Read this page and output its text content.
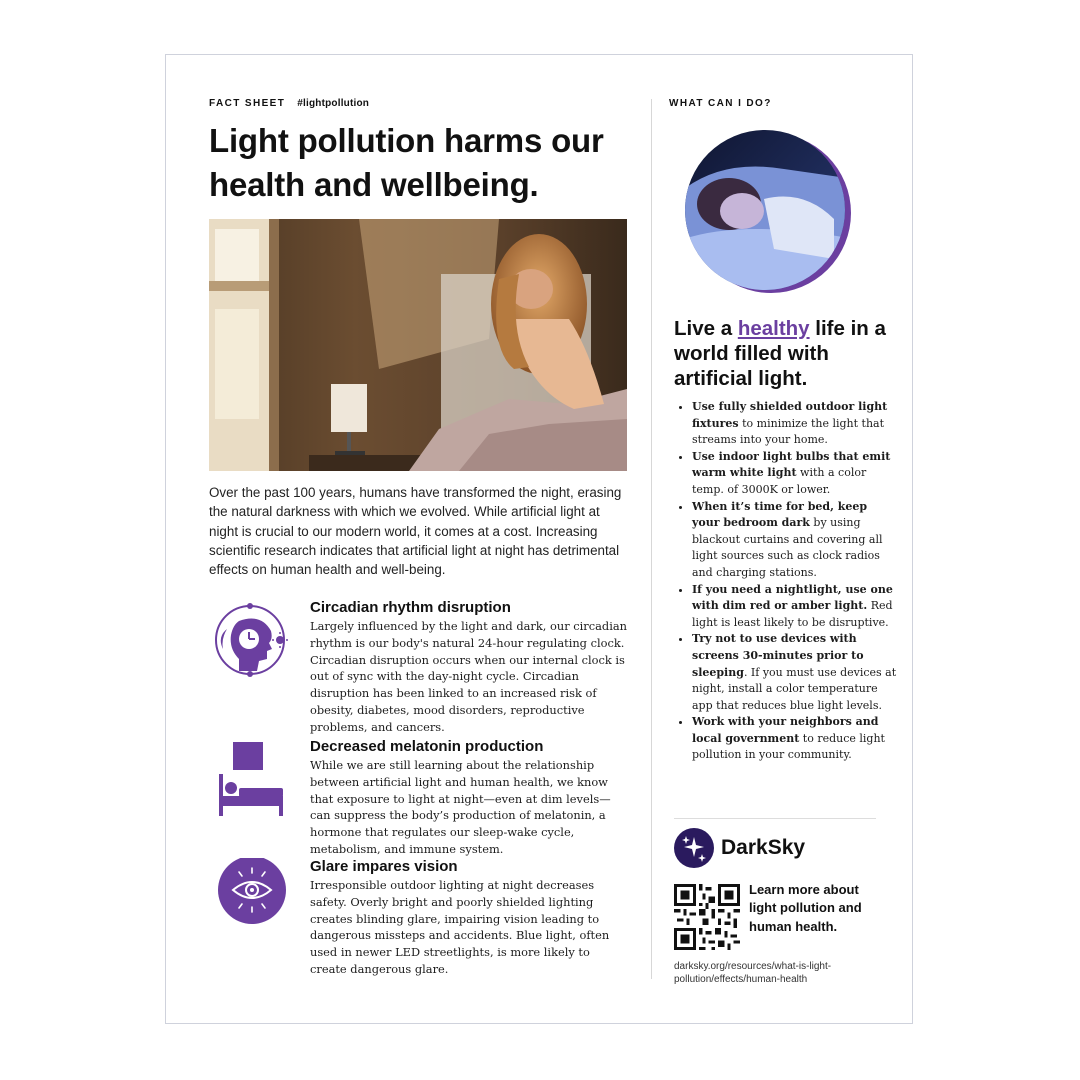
FACT SHEET #lightpollution
Light pollution harms our health and wellbeing.

Over the past 100 years, humans have transformed the night, erasing the natural darkness with which we evolved. While artificial light at night is crucial to our modern world, it comes at a cost. Increasing scientific research indicates that artificial light at night has detrimental effects on human health and well-being.

Circadian rhythm disruption

Largely influenced by the light and dark, our circadian rhythm is our body's natural 24-hour regulating clock. Circadian disruption occurs when our internal clock is out of sync with the day-night cycle. Circadian disruption has been linked to an increased risk of obesity, diabetes, mood disorders, reproductive problems, and cancers.

Decreased melatonin production

While we are still learning about the relationship between artificial light and human health, we know that exposure to light at night—even at dim levels—can suppress the body’s production of melatonin, a hormone that regulates our sleep-wake cycle, metabolism, and immune system.

Glare impares vision

Irresponsible outdoor lighting at night decreases safety. Overly bright and poorly shielded lighting creates blinding glare, impairing vision leading to dangerous missteps and accidents. Blue light, often used in newer LED streetlights, is more likely to create dangerous glare.

WHAT CAN I DO?
Live a healthy life in a world filled with artificial light.
• Use fully shielded outdoor light fixtures to minimize the light that streams into your home.
• Use indoor light bulbs that emit warm white light with a color temp. of 3000K or lower.
• When it’s time for bed, keep your bedroom dark by using blackout curtains and covering all light sources such as clock radios and charging stations.
• If you need a nightlight, use one with dim red or amber light. Red light is least likely to be disruptive.
• Try not to use devices with screens 30-minutes prior to sleeping. If you must use devices at night, install a color temperature app that reduces blue light levels.
• Work with your neighbors and local government to reduce light pollution in your community.
DarkSky
Learn more about light pollution and human health.
darksky.org/resources/what-is-light-pollution/effects/human-health
